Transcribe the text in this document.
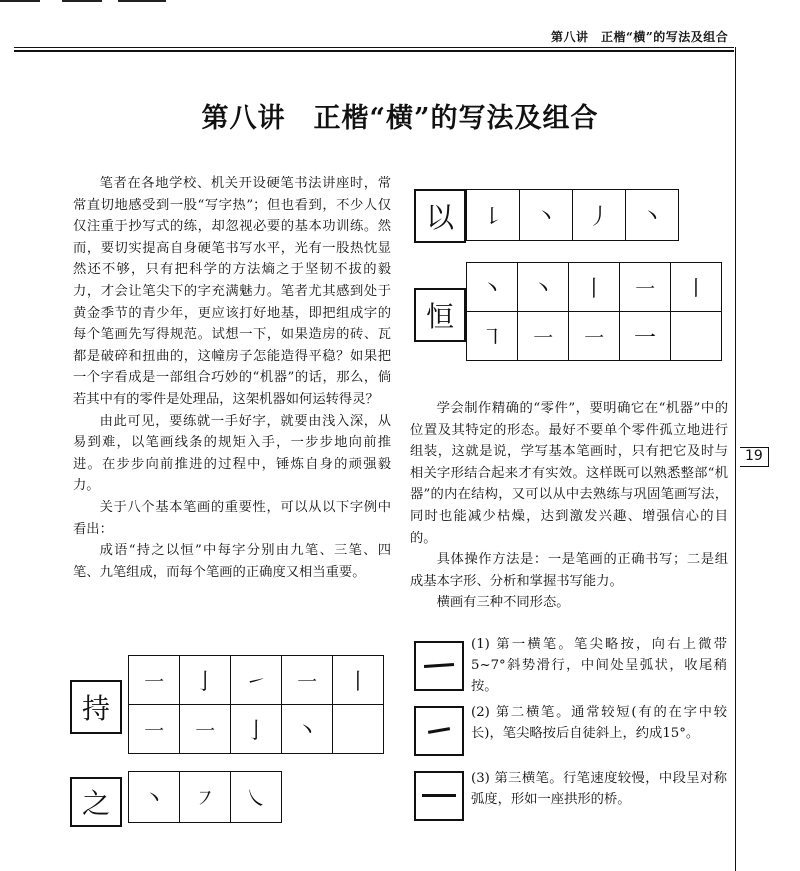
第八讲　正楷“横”的写法及组合
第八讲　正楷“横”的写法及组合

笔者在各地学校、机关开设硬笔书法讲座时，常常直切地感受到一股“写字热”；但也看到，不少人仅仅注重于抄写式的练，却忽视必要的基本功训练。然而，要切实提高自身硬笔书写水平，光有一股热忱显然还不够，只有把科学的方法熵之于坚韧不拔的毅力，才会让笔尖下的字充满魅力。笔者尤其感到处于黄金季节的青少年，更应该打好地基，即把组成字的每个笔画先写得规范。试想一下，如果造房的砖、瓦都是破碎和扭曲的，这幢房子怎能造得平稳？如果把一个字看成是一部组合巧妙的“机器”的话，那么，倘若其中有的零件是处理品，这架机器如何运转得灵？

由此可见，要练就一手好字，就要由浅入深，从易到难，以笔画线条的规矩入手，一步步地向前推进。在步步向前推进的过程中，锤炼自身的顽强毅力。

关于八个基本笔画的重要性，可以从以下字例中看出：

成语“持之以恒”中每字分别由九笔、三笔、四笔、九笔组成，而每个笔画的正确度又相当重要。

以	㇙	丶	丿	丶
恒
丶	丶	丨	㇐	㇑
㇕	㇐	㇐	一	

学会制作精确的“零件”，要明确它在“机器”中的位置及其特定的形态。最好不要单个零件孤立地进行组装，这就是说，学写基本笔画时，只有把它及时与相关字形结合起来才有实效。这样既可以熟悉整部“机器”的内在结构，又可以从中去熟练与巩固笔画写法，同时也能减少枯燥，达到激发兴趣、增强信心的目的。

具体操作方法是：一是笔画的正确书写；二是组成基本字形、分析和掌握书写能力。

横画有三种不同形态。

19
持
㇐	亅	㇀	㇐	丨
㇐	㇐	亅	丶	
之	丶	㇇	㇏
(1) 第一横笔。笔尖略按，向右上微带5~7°斜势滑行，中间处呈弧状，收尾稍按。
(2) 第二横笔。通常较短(有的在字中较长)，笔尖略按后自徒斜上，约成15°。
(3) 第三横笔。行笔速度较慢，中段呈对称弧度，形如一座拱形的桥。
